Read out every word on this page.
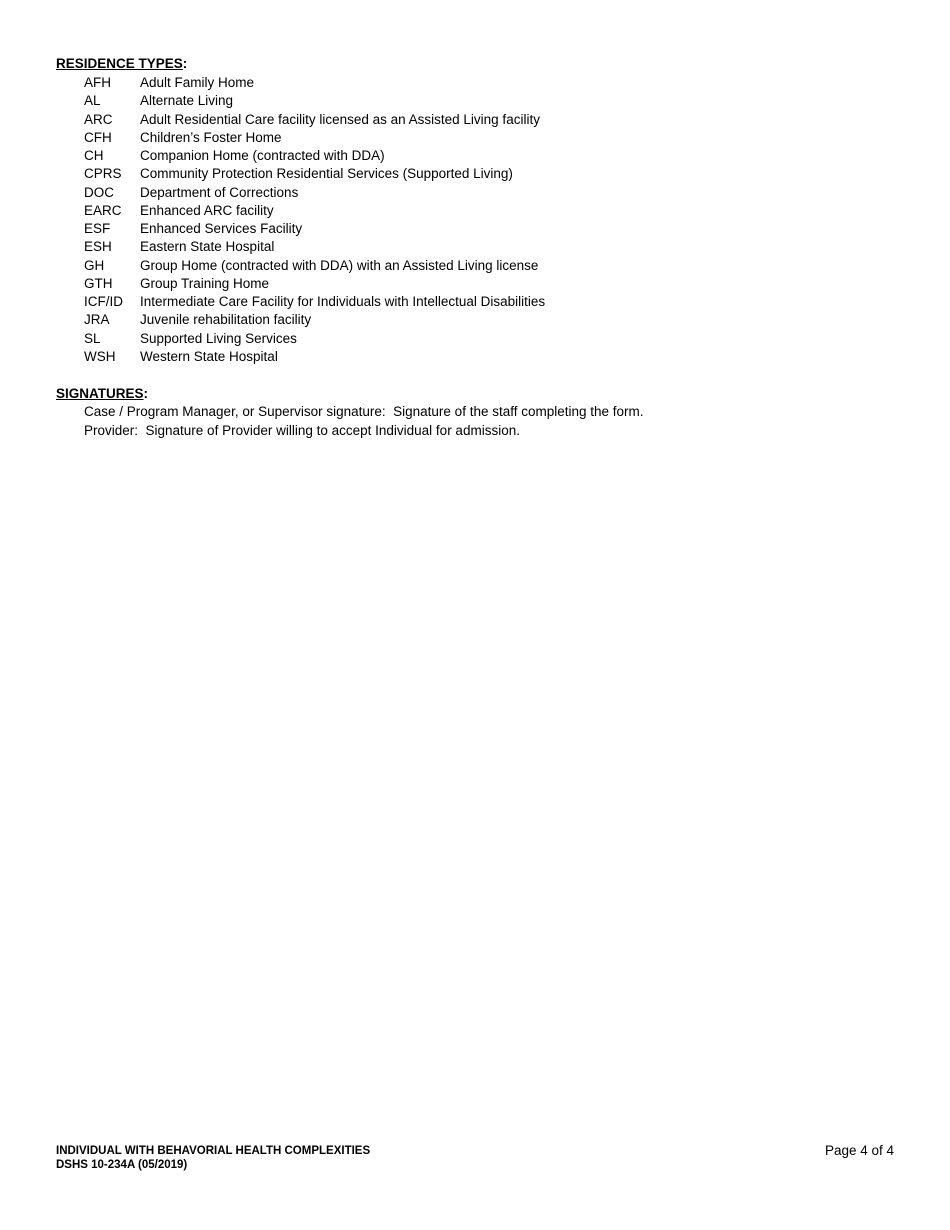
RESIDENCE TYPES:
AFH	Adult Family Home
AL	Alternate Living
ARC	Adult Residential Care facility licensed as an Assisted Living facility
CFH	Children’s Foster Home
CH	Companion Home (contracted with DDA)
CPRS	Community Protection Residential Services (Supported Living)
DOC	Department of Corrections
EARC	Enhanced ARC facility
ESF	Enhanced Services Facility
ESH	Eastern State Hospital
GH	Group Home (contracted with DDA) with an Assisted Living license
GTH	Group Training Home
ICF/ID	Intermediate Care Facility for Individuals with Intellectual Disabilities
JRA	Juvenile rehabilitation facility
SL	Supported Living Services
WSH	Western State Hospital
SIGNATURES:
Case / Program Manager, or Supervisor signature:  Signature of the staff completing the form.
Provider:  Signature of Provider willing to accept Individual for admission.
INDIVIDUAL WITH BEHAVORIAL HEALTH COMPLEXITIES
DSHS 10-234A (05/2019)
Page 4 of 4
